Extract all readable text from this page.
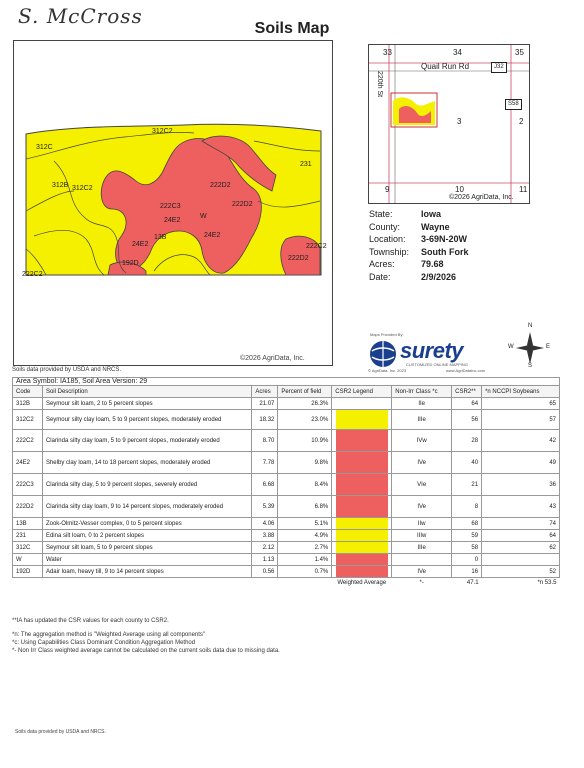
S. McCross
Soils Map
312C2
312C
231
312B 312C2	222D2
222D2
222C3
24E2
W
13B	24E2
24E2
192D
222C2
222C2
222D2
©2026 AgriData, Inc.
33	34	35
3	2
9	10	11
Quail Run Rd
220th St
J32
S58
©2026 AgriData, Inc.
State:	Iowa
County:	Wayne
Location:	3-69N-20W
Township:	South Fork
Acres:	79.68
Date:	2/9/2026
Maps Provided By:
surety
CUSTOMIZED ONLINE MAPPING
© AgriData, Inc. 2023	www.AgriDataInc.com
N
S
E
W
Soils data provided by USDA and NRCS.
Area Symbol: IA185, Soil Area Version: 29							
Code	Soil Description	Acres	Percent of field	CSR2 Legend	Non-Irr Class *c	CSR2**	*n NCCPI Soybeans
312B	Seymour silt loam, 2 to 5 percent slopes	21.07	26.3%		IIe	64	65
312C2	Seymour silty clay loam, 5 to 9 percent slopes, moderately eroded	18.32	23.0%		IIIe	56	57
222C2	Clarinda silty clay loam, 5 to 9 percent slopes, moderately eroded	8.70	10.9%		IVw	28	42
24E2	Shelby clay loam, 14 to 18 percent slopes, moderately eroded	7.78	9.8%		IVe	40	49
222C3	Clarinda silty clay, 5 to 9 percent slopes, severely eroded	6.68	8.4%		VIe	21	36
222D2	Clarinda silty clay loam, 9 to 14 percent slopes, moderately eroded	5.39	6.8%		IVe	8	43
13B	Zook-Olmitz-Vesser complex, 0 to 5 percent slopes	4.06	5.1%		IIw	68	74
231	Edina silt loam, 0 to 2 percent slopes	3.88	4.9%		IIIw	59	64
312C	Seymour silt loam, 5 to 9 percent slopes	2.12	2.7%		IIIe	58	62
W	Water	1.13	1.4%			0	
192D	Adair loam, heavy till, 9 to 14 percent slopes	0.56	0.7%		IVe	16	52
				Weighted Average	*-	47.1	*n 53.5
**IA has updated the CSR values for each county to CSR2.
*n: The aggregation method is "Weighted Average using all components"
*c: Using Capabilities Class Dominant Condition Aggregation Method
*- Non Irr Class weighted average cannot be calculated on the current soils data due to missing data.
Soils data provided by USDA and NRCS.
